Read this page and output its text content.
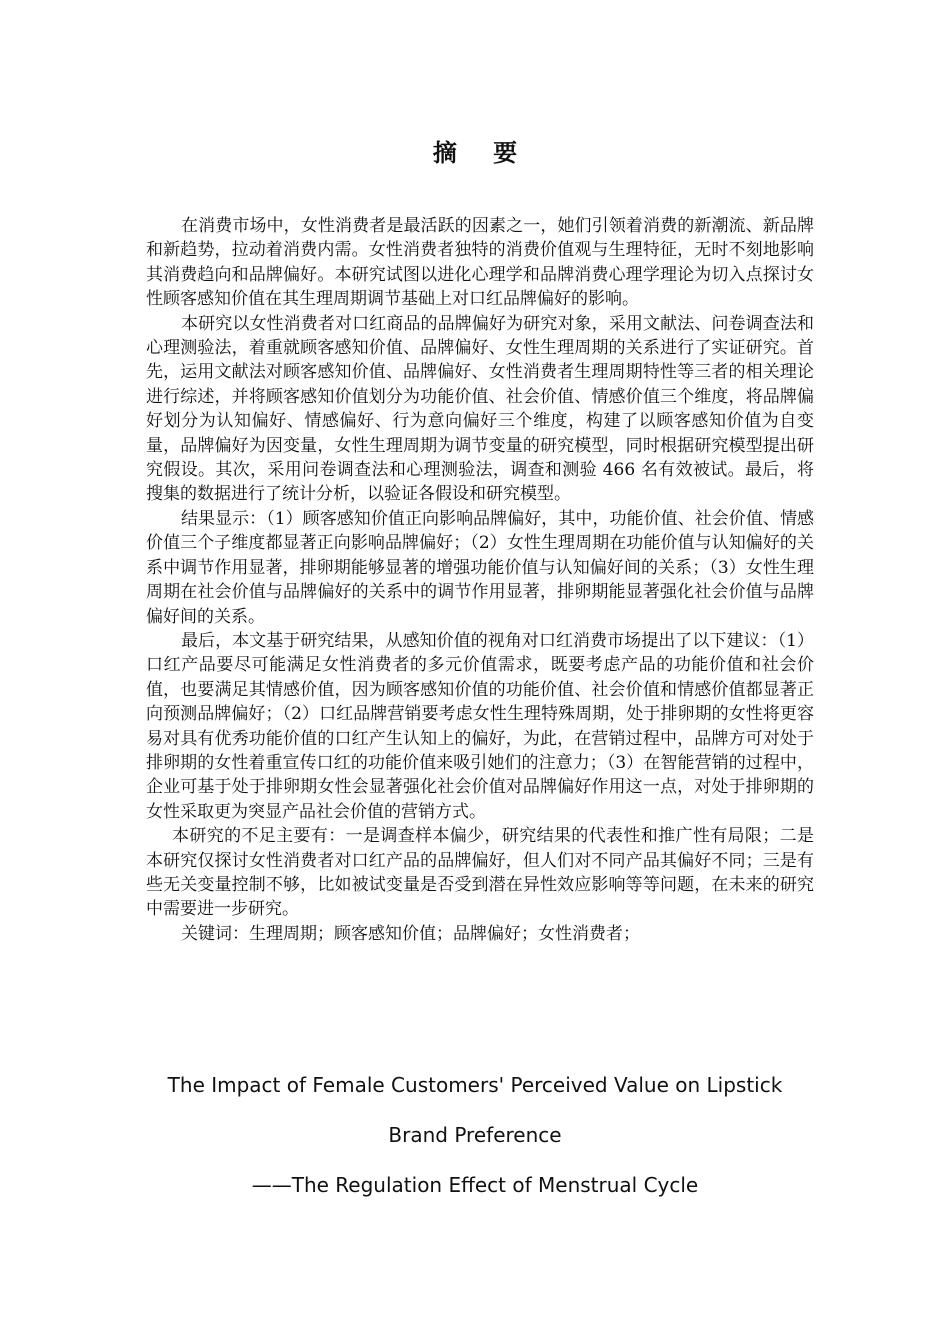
摘 要

在消费市场中，女性消费者是最活跃的因素之一，她们引领着消费的新潮流、新品牌和新趋势，拉动着消费内需。女性消费者独特的消费价值观与生理特征，无时不刻地影响其消费趋向和品牌偏好。本研究试图以进化心理学和品牌消费心理学理论为切入点探讨女性顾客感知价值在其生理周期调节基础上对口红品牌偏好的影响。

本研究以女性消费者对口红商品的品牌偏好为研究对象，采用文献法、问卷调查法和心理测验法，着重就顾客感知价值、品牌偏好、女性生理周期的关系进行了实证研究。首先，运用文献法对顾客感知价值、品牌偏好、女性消费者生理周期特性等三者的相关理论进行综述，并将顾客感知价值划分为功能价值、社会价值、情感价值三个维度，将品牌偏好划分为认知偏好、情感偏好、行为意向偏好三个维度，构建了以顾客感知价值为自变量，品牌偏好为因变量，女性生理周期为调节变量的研究模型，同时根据研究模型提出研究假设。其次，采用问卷调查法和心理测验法，调查和测验 466 名有效被试。最后，将搜集的数据进行了统计分析，以验证各假设和研究模型。

结果显示：（1）顾客感知价值正向影响品牌偏好，其中，功能价值、社会价值、情感价值三个子维度都显著正向影响品牌偏好；（2）女性生理周期在功能价值与认知偏好的关系中调节作用显著，排卵期能够显著的增强功能价值与认知偏好间的关系；（3）女性生理周期在社会价值与品牌偏好的关系中的调节作用显著，排卵期能显著强化社会价值与品牌偏好间的关系。

最后，本文基于研究结果，从感知价值的视角对口红消费市场提出了以下建议：（1）口红产品要尽可能满足女性消费者的多元价值需求，既要考虑产品的功能价值和社会价值，也要满足其情感价值，因为顾客感知价值的功能价值、社会价值和情感价值都显著正向预测品牌偏好；（2）口红品牌营销要考虑女性生理特殊周期，处于排卵期的女性将更容易对具有优秀功能价值的口红产生认知上的偏好，为此，在营销过程中，品牌方可对处于排卵期的女性着重宣传口红的功能价值来吸引她们的注意力；（3）在智能营销的过程中，企业可基于处于排卵期女性会显著强化社会价值对品牌偏好作用这一点，对处于排卵期的女性采取更为突显产品社会价值的营销方式。

本研究的不足主要有：一是调查样本偏少，研究结果的代表性和推广性有局限；二是本研究仅探讨女性消费者对口红产品的品牌偏好，但人们对不同产品其偏好不同；三是有些无关变量控制不够，比如被试变量是否受到潜在异性效应影响等等问题，在未来的研究中需要进一步研究。

关键词：生理周期；顾客感知价值；品牌偏好；女性消费者；

The Impact of Female Customers' Perceived Value on Lipstick
Brand Preference
——The Regulation Effect of Menstrual Cycle
